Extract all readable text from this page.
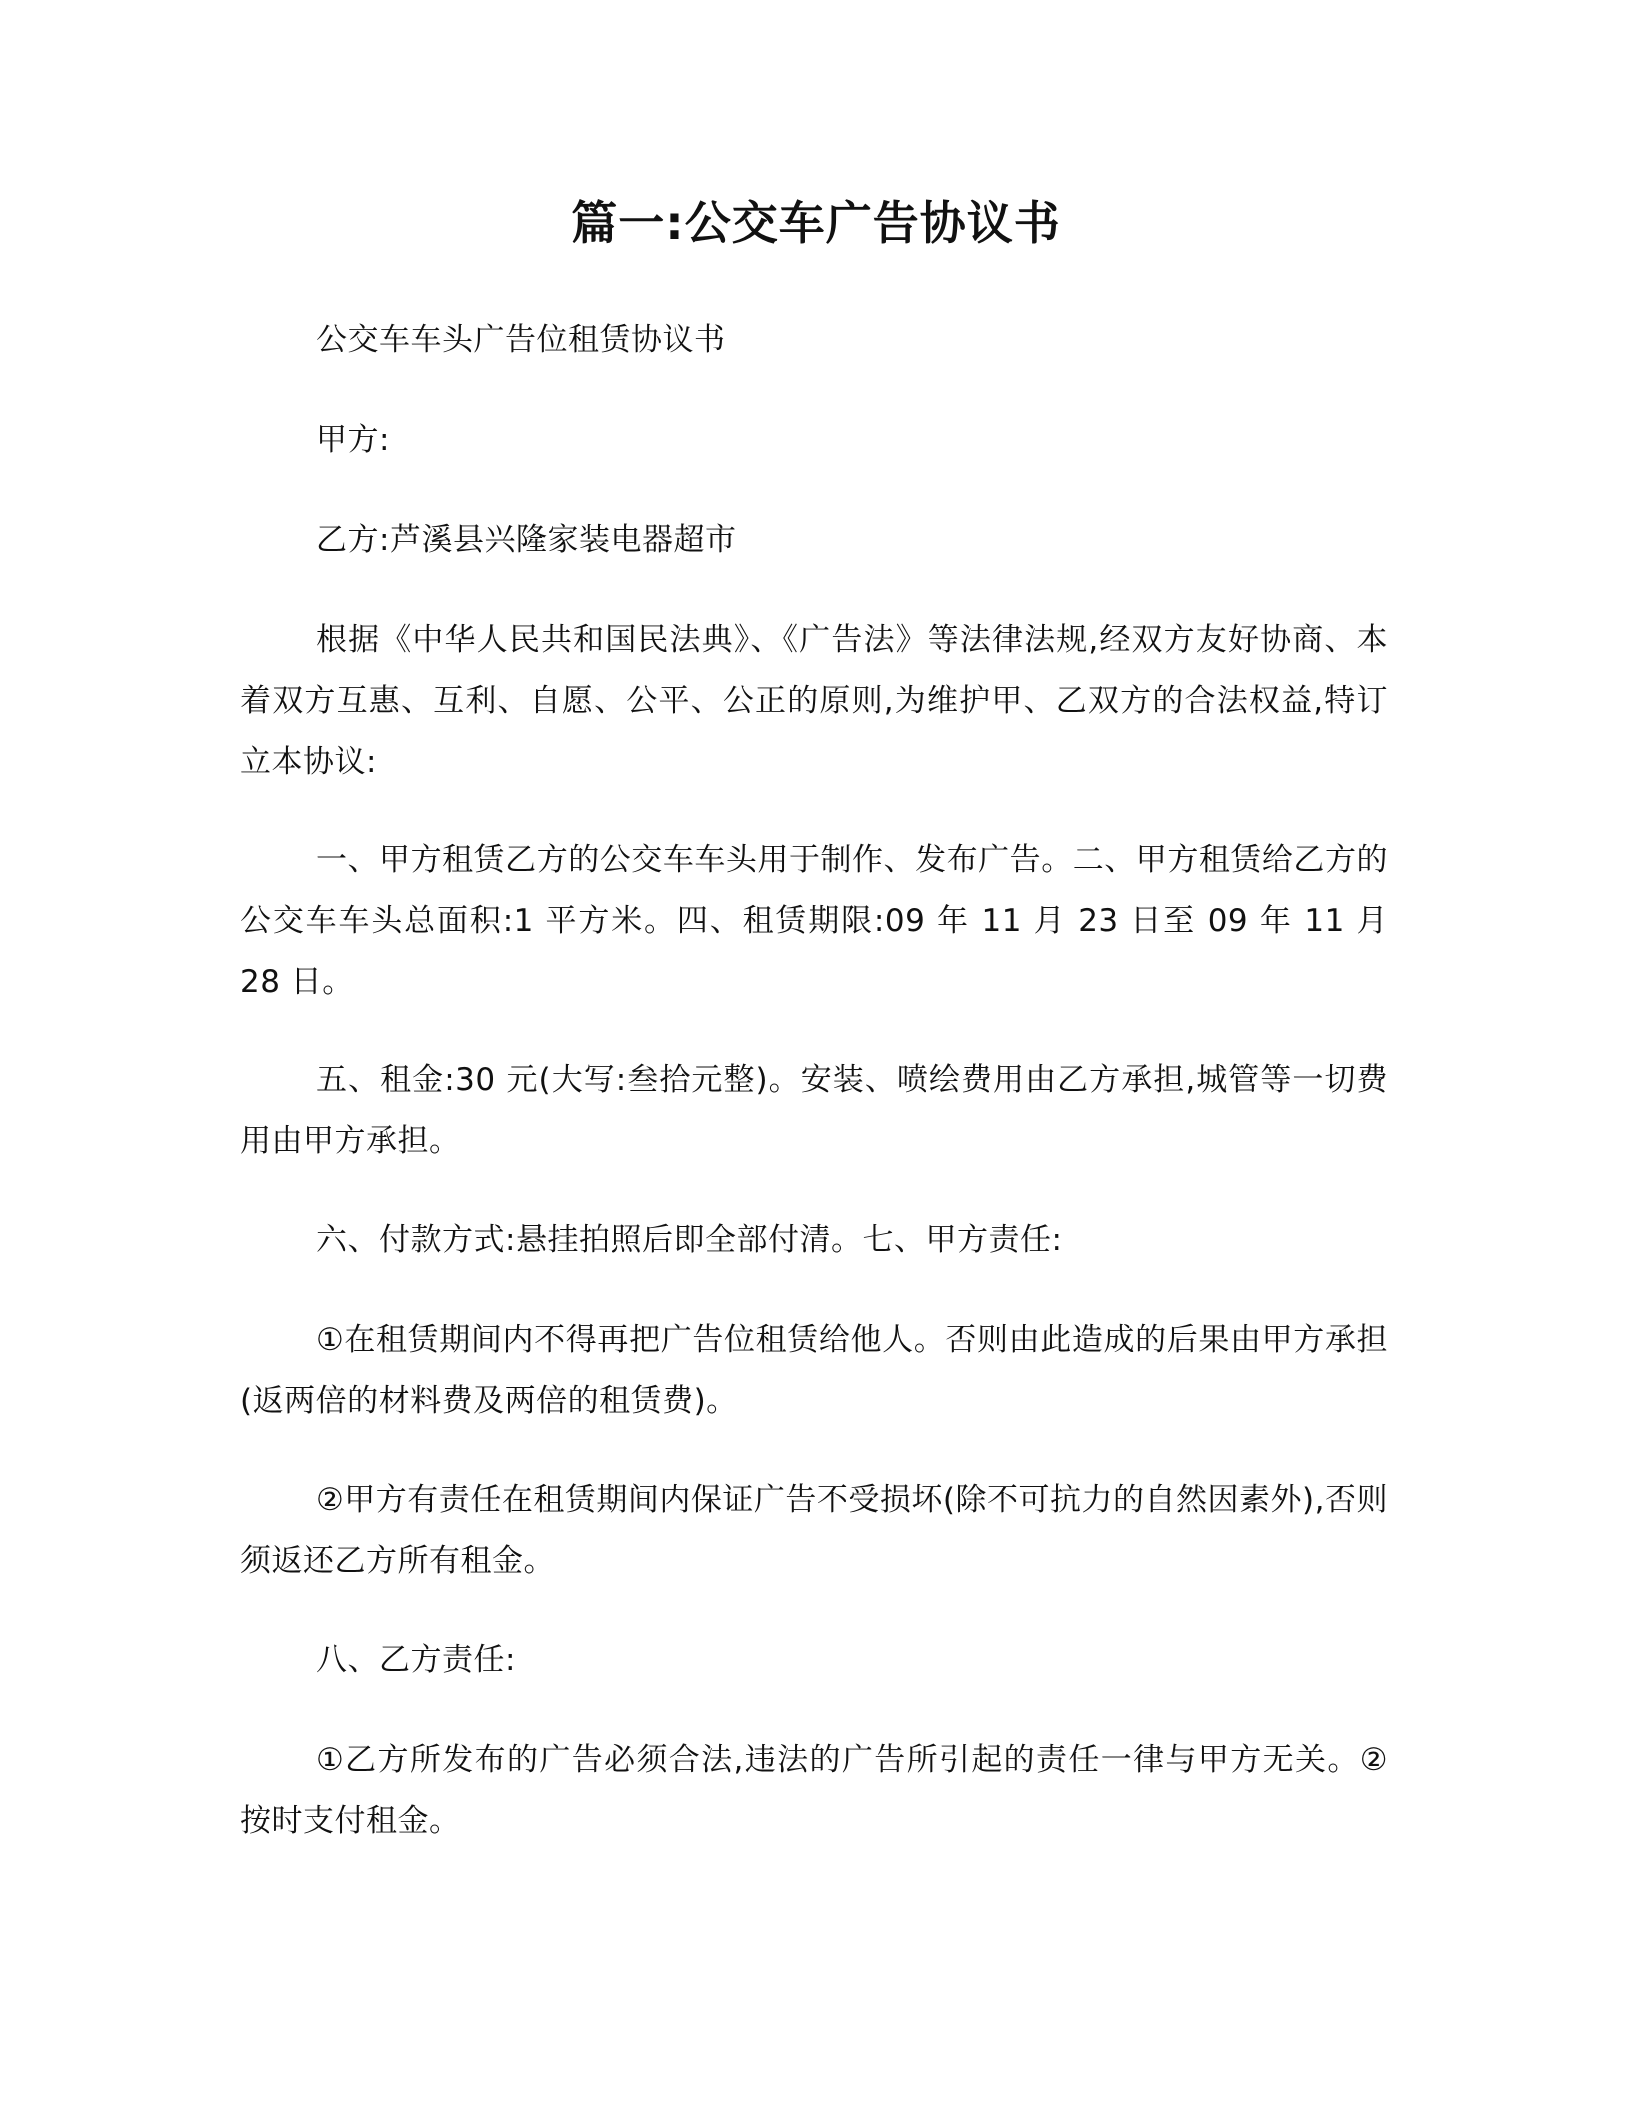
篇一:公交车广告协议书

公交车车头广告位租赁协议书

甲方:

乙方:芦溪县兴隆家装电器超市

根据《中华人民共和国民法典》、《广告法》等法律法规,经双方友好协商、本着双方互惠、互利、自愿、公平、公正的原则,为维护甲、乙双方的合法权益,特订立本协议:

一、甲方租赁乙方的公交车车头用于制作、发布广告。二、甲方租赁给乙方的公交车车头总面积:1 平方米。四、租赁期限:09 年 11 月 23 日至 09 年 11 月 28 日。

五、租金:30 元(大写:叁拾元整)。安装、喷绘费用由乙方承担,城管等一切费用由甲方承担。

六、付款方式:悬挂拍照后即全部付清。七、甲方责任:

①在租赁期间内不得再把广告位租赁给他人。否则由此造成的后果由甲方承担(返两倍的材料费及两倍的租赁费)。

②甲方有责任在租赁期间内保证广告不受损坏(除不可抗力的自然因素外),否则须返还乙方所有租金。

八、乙方责任:

①乙方所发布的广告必须合法,违法的广告所引起的责任一律与甲方无关。②按时支付租金。
